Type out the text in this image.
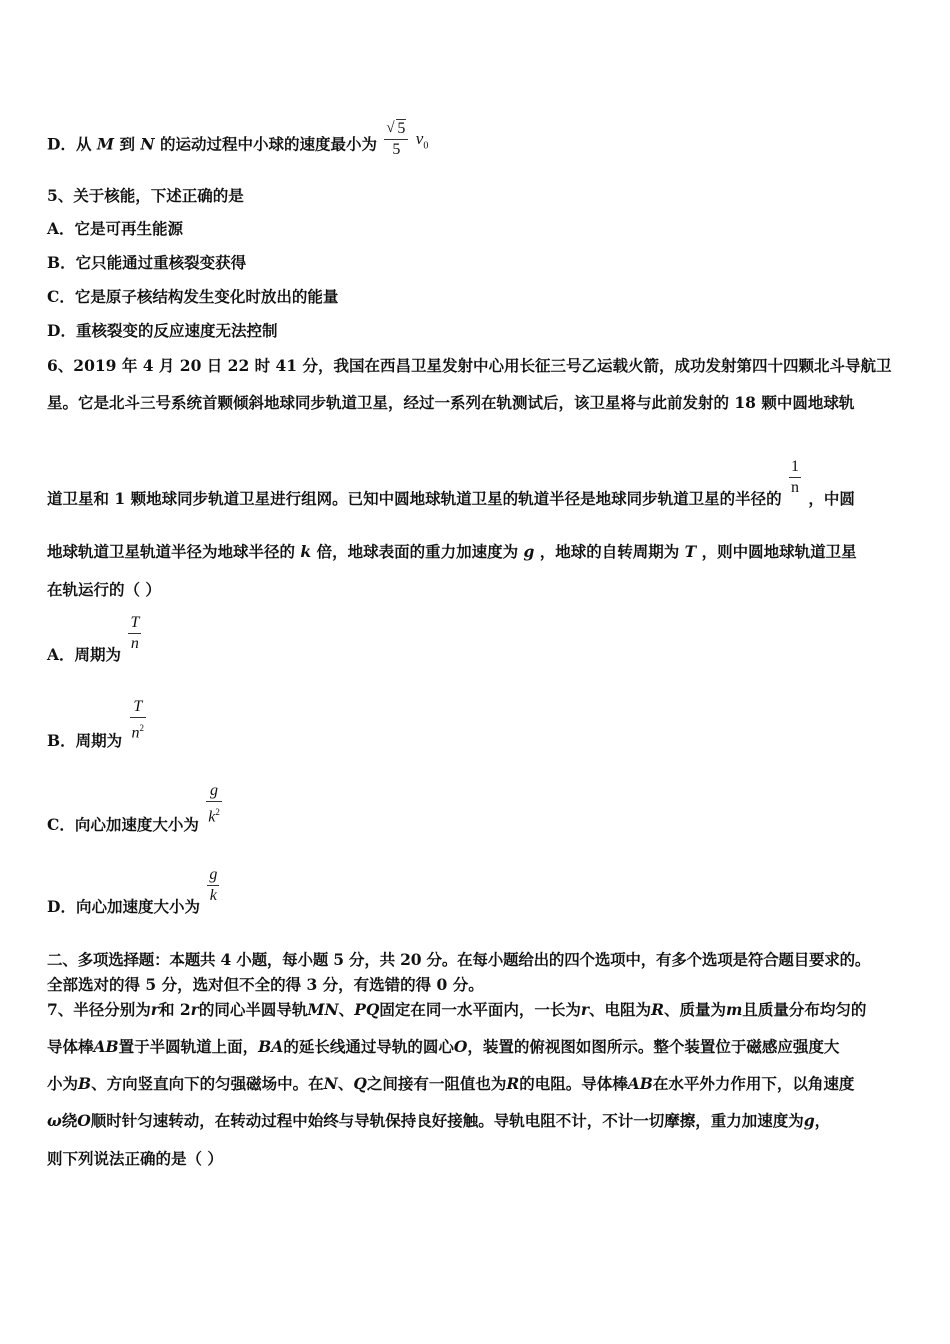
D．从 M 到 N 的运动过程中小球的速度最小为
√ $\frac{5}{5} v_0$
5、关于核能，下述正确的是
A．它是可再生能源
B．它只能通过重核裂变获得
C．它是原子核结构发生变化时放出的能量
D．重核裂变的反应速度无法控制
6、2019 年 4 月 20 日 22 时 41 分，我国在西昌卫星发射中心用长征三号乙运载火箭，成功发射第四十四颗北斗导航卫
星。它是北斗三号系统首颗倾斜地球同步轨道卫星，经过一系列在轨测试后，该卫星将与此前发射的 18 颗中圆地球轨
道卫星和 1 颗地球同步轨道卫星进行组网。已知中圆地球轨道卫星的轨道半径是地球同步轨道卫星的半径的
$\frac{1}{n}$
，中圆
地球轨道卫星轨道半径为地球半径的 k 倍，地球表面的重力加速度为 g ，地球的自转周期为 T ，则中圆地球轨道卫星
在轨运行的（ ）
A．周期为
$\frac{T}{n}$
B．周期为 $\frac{T}{n^2}$
C．向心加速度大小为 $\frac{g}{k^2}$
D．向心加速度大小为
$\frac{g}{k}$
二、多项选择题：本题共 4 小题，每小题 5 分，共 20 分。在每小题给出的四个选项中，有多个选项是符合题目要求的。
全部选对的得 5 分，选对但不全的得 3 分，有选错的得 0 分。
7、半径分别为r和 2r的同心半圆导轨MN、PQ固定在同一水平面内，一长为r、电阻为R、质量为m且质量分布均匀的
导体棒AB置于半圆轨道上面，BA的延长线通过导轨的圆心O，装置的俯视图如图所示。整个装置位于磁感应强度大
小为B、方向竖直向下的匀强磁场中。在N、Q之间接有一阻值也为R的电阻。导体棒AB在水平外力作用下，以角速度
ω绕O顺时针匀速转动，在转动过程中始终与导轨保持良好接触。导轨电阻不计，不计一切摩擦，重力加速度为g，
则下列说法正确的是（ ）
